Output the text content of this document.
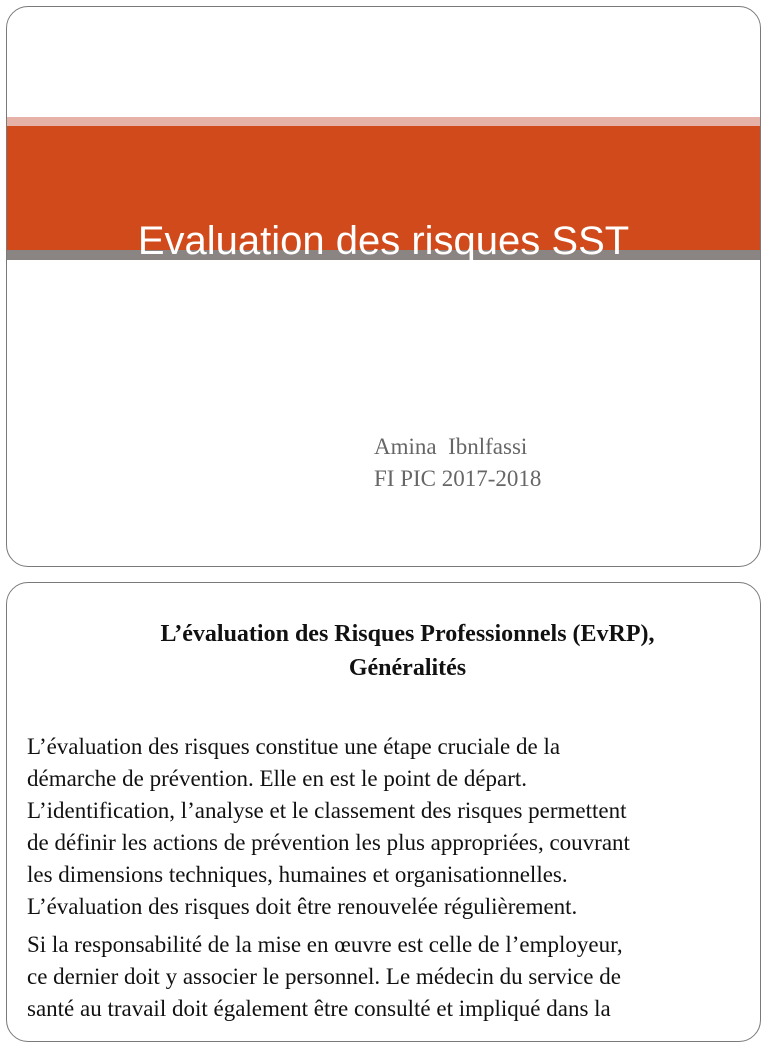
Evaluation des risques SST
Amina  Ibnlfassi
FI PIC 2017-2018
L’évaluation des Risques Professionnels (EvRP),
Généralités
L’évaluation des risques constitue une étape cruciale de la
démarche de prévention. Elle en est le point de départ.
L’identification, l’analyse et le classement des risques permettent
de définir les actions de prévention les plus appropriées, couvrant
les dimensions techniques, humaines et organisationnelles.
L’évaluation des risques doit être renouvelée régulièrement.
Si la responsabilité de la mise en œuvre est celle de l’employeur,
ce dernier doit y associer le personnel. Le médecin du service de
santé au travail doit également être consulté et impliqué dans la
